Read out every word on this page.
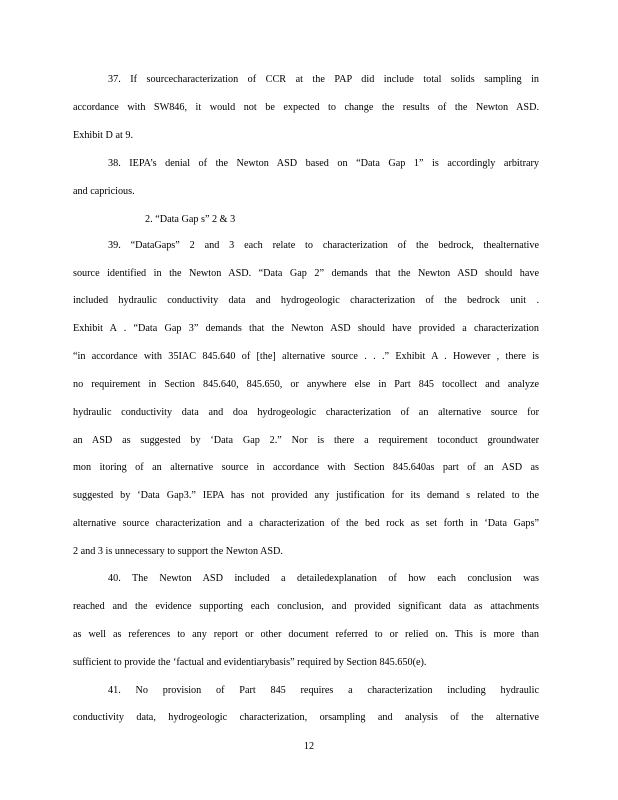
37. If sourcecharacterization of CCR at the PAP did include total solids sampling in

accordance with SW846, it would not be expected to change the results of the Newton ASD.

Exhibit D at 9.

38. IEPA’s denial of the Newton ASD based on “Data Gap 1” is accordingly arbitrary

and capricious.

2. “Data Gap s” 2 & 3

39. “DataGaps” 2 and 3 each relate to characterization of the bedrock, thealternative

source identified in the Newton ASD. “Data Gap 2” demands that the Newton ASD should have

included hydraulic conductivity data and hydrogeologic characterization of the bedrock unit .

Exhibit A . “Data Gap 3” demands that the Newton ASD should have provided a characterization

“in accordance with 35IAC 845.640 of [the] alternative source . . .” Exhibit A . However , there is

no requirement in Section 845.640, 845.650, or anywhere else in Part 845 tocollect and analyze

hydraulic conductivity data and doa hydrogeologic characterization of an alternative source for

an ASD as suggested by ‘Data Gap 2.” Nor is there a requirement toconduct groundwater

mon itoring of an alternative source in accordance with Section 845.640as part of an ASD as

suggested by ‘Data Gap3.” IEPA has not provided any justification for its demand s related to the

alternative source characterization and a characterization of the bed rock as set forth in ‘Data Gaps”

2 and 3 is unnecessary to support the Newton ASD.

40. The Newton ASD included a detailedexplanation of how each conclusion was

reached and the evidence supporting each conclusion, and provided significant data as attachments

as well as references to any report or other document referred to or relied on. This is more than

sufficient to provide the ‘factual and evidentiarybasis” required by Section 845.650(e).

41. No provision of Part 845 requires a characterization including hydraulic

conductivity data, hydrogeologic characterization, orsampling and analysis of the alternative

12
